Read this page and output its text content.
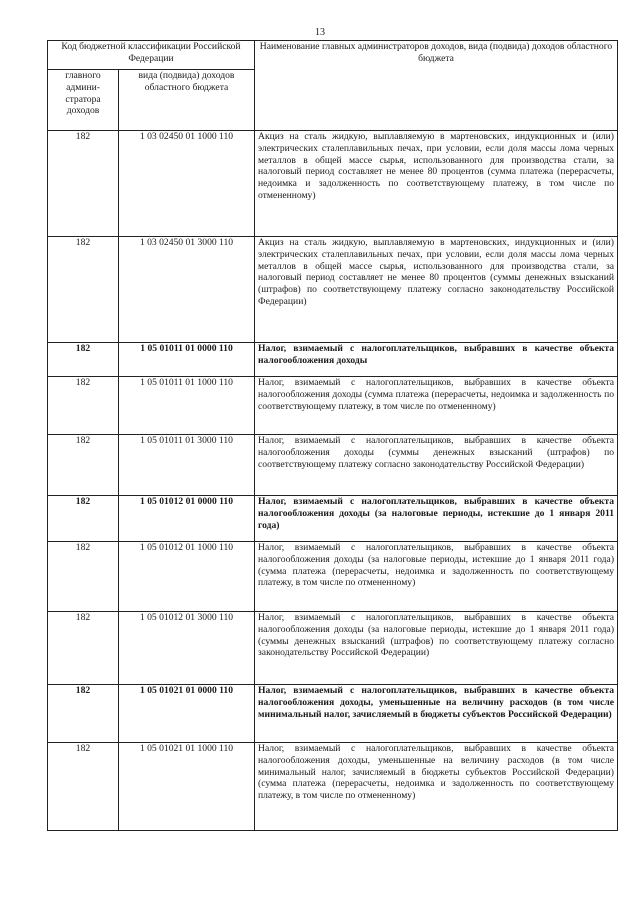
13
Код бюджетной классификации Российской Федерации		Наименование главных администраторов доходов, вида (подвида) доходов областного бюджета
главного админи-стратора доходов	вида (подвида) доходов областного бюджета	
182	1 03 02450 01 1000 110	Акциз на сталь жидкую, выплавляемую в мартеновских, индукционных и (или) электрических сталеплавильных печах, при условии, если доля массы лома черных металлов в общей массе сырья, использованного для производства стали, за налоговый период составляет не менее 80 процентов (сумма платежа (перерасчеты, недоимка и задолженность по соответствующему платежу, в том числе по отмененному)
182	1 03 02450 01 3000 110	Акциз на сталь жидкую, выплавляемую в мартеновских, индукционных и (или) электрических сталеплавильных печах, при условии, если доля массы лома черных металлов в общей массе сырья, использованного для производства стали, за налоговый период составляет не менее 80 процентов (суммы денежных взысканий (штрафов) по соответствующему платежу согласно законодательству Российской Федерации)
182	1 05 01011 01 0000 110	Налог, взимаемый с налогоплательщиков, выбравших в качестве объекта налогообложения доходы
182	1 05 01011 01 1000 110	Налог, взимаемый с налогоплательщиков, выбравших в качестве объекта налогообложения доходы (сумма платежа (перерасчеты, недоимка и задолженность по соответствующему платежу, в том числе по отмененному)
182	1 05 01011 01 3000 110	Налог, взимаемый с налогоплательщиков, выбравших в качестве объекта налогообложения доходы (суммы денежных взысканий (штрафов) по соответствующему платежу согласно законодательству Российской Федерации)
182	1 05 01012 01 0000 110	Налог, взимаемый с налогоплательщиков, выбравших в качестве объекта налогообложения доходы (за налоговые периоды, истекшие до 1 января 2011 года)
182	1 05 01012 01 1000 110	Налог, взимаемый с налогоплательщиков, выбравших в качестве объекта налогообложения доходы (за налоговые периоды, истекшие до 1 января 2011 года) (сумма платежа (перерасчеты, недоимка и задолженность по соответствующему платежу, в том числе по отмененному)
182	1 05 01012 01 3000 110	Налог, взимаемый с налогоплательщиков, выбравших в качестве объекта налогообложения доходы (за налоговые периоды, истекшие до 1 января 2011 года) (суммы денежных взысканий (штрафов) по соответствующему платежу согласно законодательству Российской Федерации)
182	1 05 01021 01 0000 110	Налог, взимаемый с налогоплательщиков, выбравших в качестве объекта налогообложения доходы, уменьшенные на величину расходов (в том числе минимальный налог, зачисляемый в бюджеты субъектов Российской Федерации)
182	1 05 01021 01 1000 110	Налог, взимаемый с налогоплательщиков, выбравших в качестве объекта налогообложения доходы, уменьшенные на величину расходов (в том числе минимальный налог, зачисляемый в бюджеты субъектов Российской Федерации) (сумма платежа (перерасчеты, недоимка и задолженность по соответствующему платежу, в том числе по отмененному)
